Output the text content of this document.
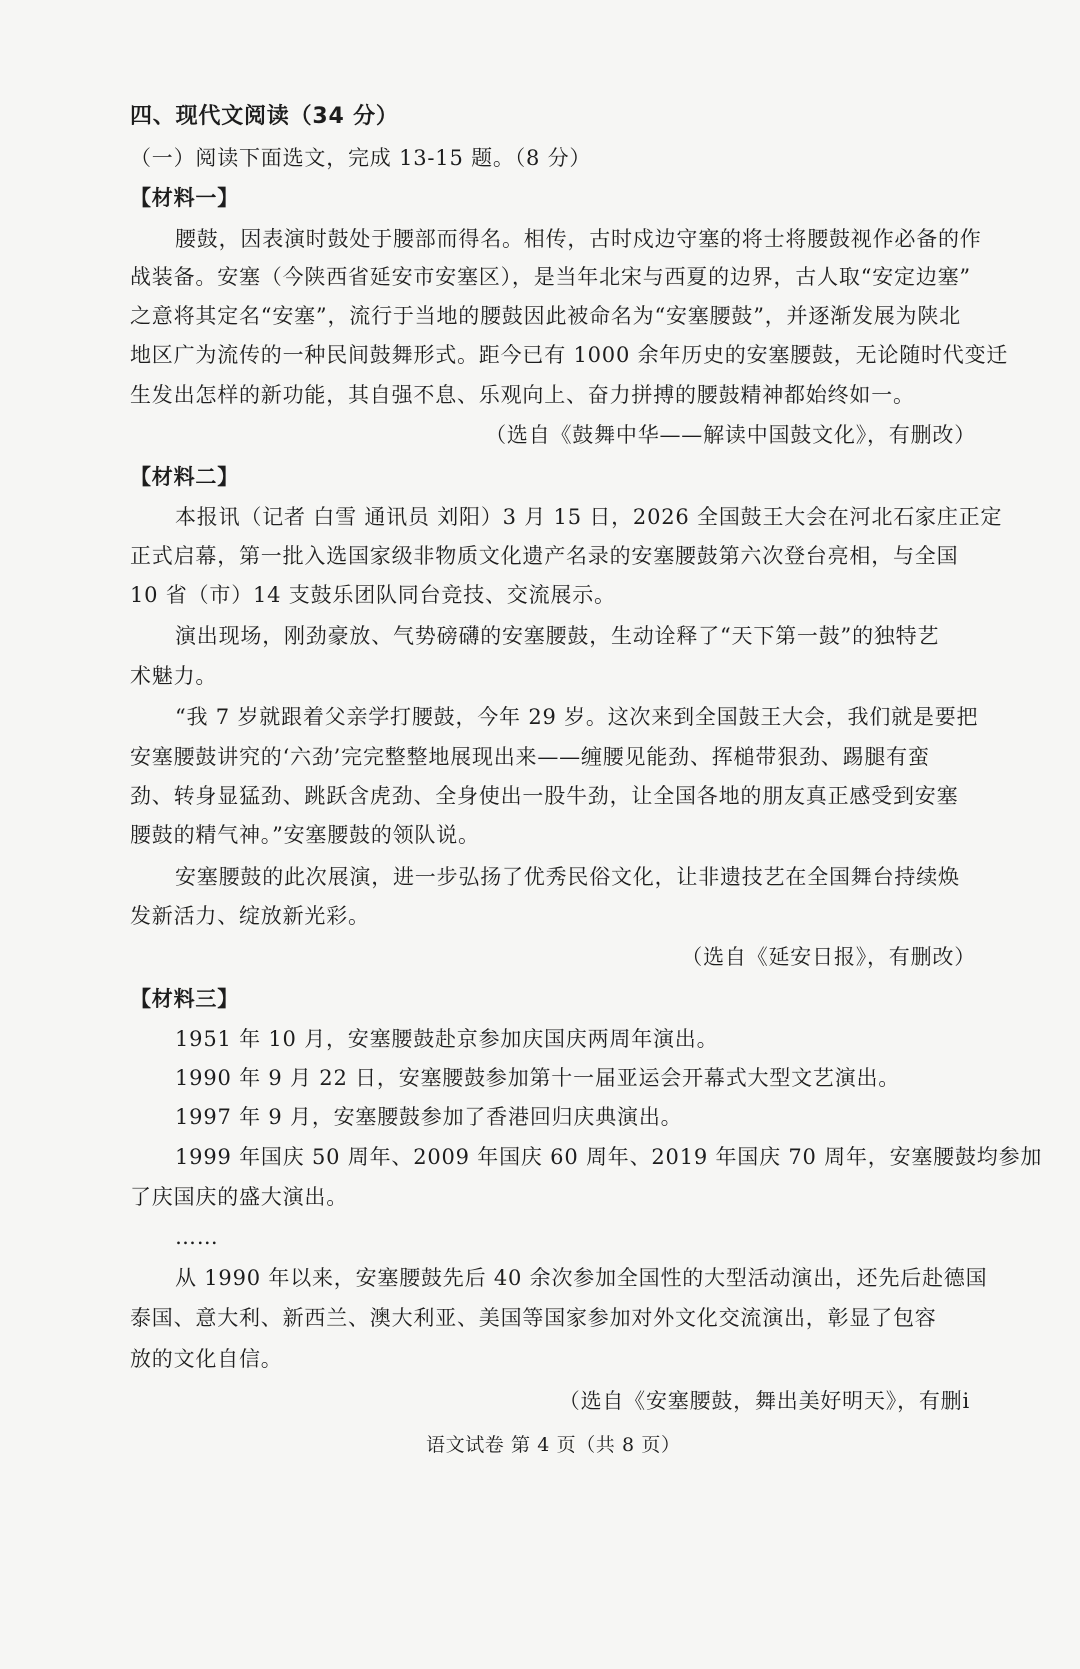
四、现代文阅读（34 分）
（一）阅读下面选文，完成 13-15 题。（8 分）
【材料一】
腰鼓，因表演时鼓处于腰部而得名。相传，古时戍边守塞的将士将腰鼓视作必备的作
战装备。安塞（今陕西省延安市安塞区），是当年北宋与西夏的边界，古人取“安定边塞”
之意将其定名“安塞”，流行于当地的腰鼓因此被命名为“安塞腰鼓”，并逐渐发展为陕北
地区广为流传的一种民间鼓舞形式。距今已有 1000 余年历史的安塞腰鼓，无论随时代变迁
生发出怎样的新功能，其自强不息、乐观向上、奋力拼搏的腰鼓精神都始终如一。
（选自《鼓舞中华——解读中国鼓文化》，有删改）
【材料二】
本报讯（记者 白雪 通讯员 刘阳）3 月 15 日，2026 全国鼓王大会在河北石家庄正定
正式启幕，第一批入选国家级非物质文化遗产名录的安塞腰鼓第六次登台亮相，与全国
10 省（市）14 支鼓乐团队同台竞技、交流展示。
演出现场，刚劲豪放、气势磅礴的安塞腰鼓，生动诠释了“天下第一鼓”的独特艺
术魅力。
“我 7 岁就跟着父亲学打腰鼓，今年 29 岁。这次来到全国鼓王大会，我们就是要把
安塞腰鼓讲究的‘六劲’完完整整地展现出来——缠腰见能劲、挥槌带狠劲、踢腿有蛮
劲、转身显猛劲、跳跃含虎劲、全身使出一股牛劲，让全国各地的朋友真正感受到安塞
腰鼓的精气神。”安塞腰鼓的领队说。
安塞腰鼓的此次展演，进一步弘扬了优秀民俗文化，让非遗技艺在全国舞台持续焕
发新活力、绽放新光彩。
（选自《延安日报》，有删改）
【材料三】
1951 年 10 月，安塞腰鼓赴京参加庆国庆两周年演出。
1990 年 9 月 22 日，安塞腰鼓参加第十一届亚运会开幕式大型文艺演出。
1997 年 9 月，安塞腰鼓参加了香港回归庆典演出。
1999 年国庆 50 周年、2009 年国庆 60 周年、2019 年国庆 70 周年，安塞腰鼓均参加
了庆国庆的盛大演出。
……
从 1990 年以来，安塞腰鼓先后 40 余次参加全国性的大型活动演出，还先后赴德国
泰国、意大利、新西兰、澳大利亚、美国等国家参加对外文化交流演出，彰显了包容
放的文化自信。
（选自《安塞腰鼓，舞出美好明天》，有删i
语文试卷 第 4 页（共 8 页）
